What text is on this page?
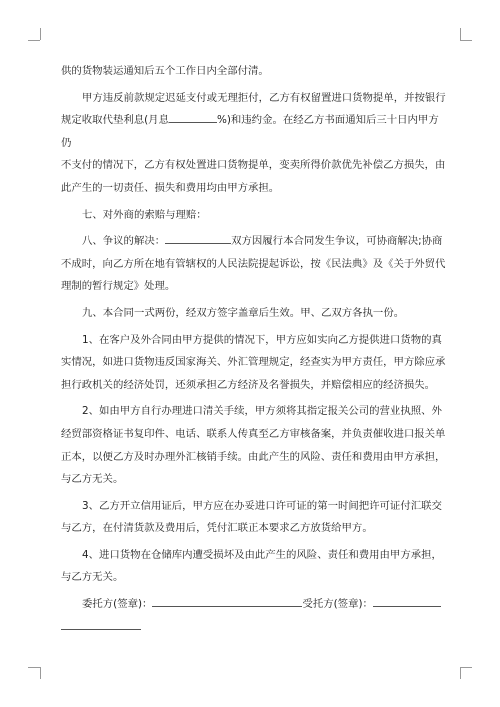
供的货物装运通知后五个工作日内全部付清。

甲方违反前款规定迟延支付或无理拒付，乙方有权留置进口货物提单，并按银行

规定收取代垫利息(月息	%)和违约金。在经乙方书面通知后三十日内甲方仍

不支付的情况下，乙方有权处置进口货物提单，变卖所得价款优先补偿乙方损失，由

此产生的一切责任、损失和费用均由甲方承担。

七、对外商的索赔与理赔：

八、争议的解决：	双方因履行本合同发生争议，可协商解决;协商

不成时，向乙方所在地有管辖权的人民法院提起诉讼，按《民法典》及《关于外贸代

理制的暂行规定》处理。

九、本合同一式两份，经双方签字盖章后生效。甲、乙双方各执一份。

1、在客户及外合同由甲方提供的情况下，甲方应如实向乙方提供进口货物的真

实情况，如进口货物违反国家海关、外汇管理规定，经查实为甲方责任，甲方除应承

担行政机关的经济处罚，还须承担乙方经济及名誉损失，并赔偿相应的经济损失。

2、如由甲方自行办理进口清关手续，甲方须将其指定报关公司的营业执照、外

经贸部资格证书复印件、电话、联系人传真至乙方审核备案，并负责催收进口报关单

正本，以便乙方及时办理外汇核销手续。由此产生的风险、责任和费用由甲方承担，

与乙方无关。

3、乙方开立信用证后，甲方应在办妥进口许可证的第一时间把许可证付汇联交

与乙方，在付清货款及费用后，凭付汇联正本要求乙方放货给甲方。

4、进口货物在仓储库内遭受损坏及由此产生的风险、责任和费用由甲方承担，

与乙方无关。

委托方(签章)：	受托方(签章)：
